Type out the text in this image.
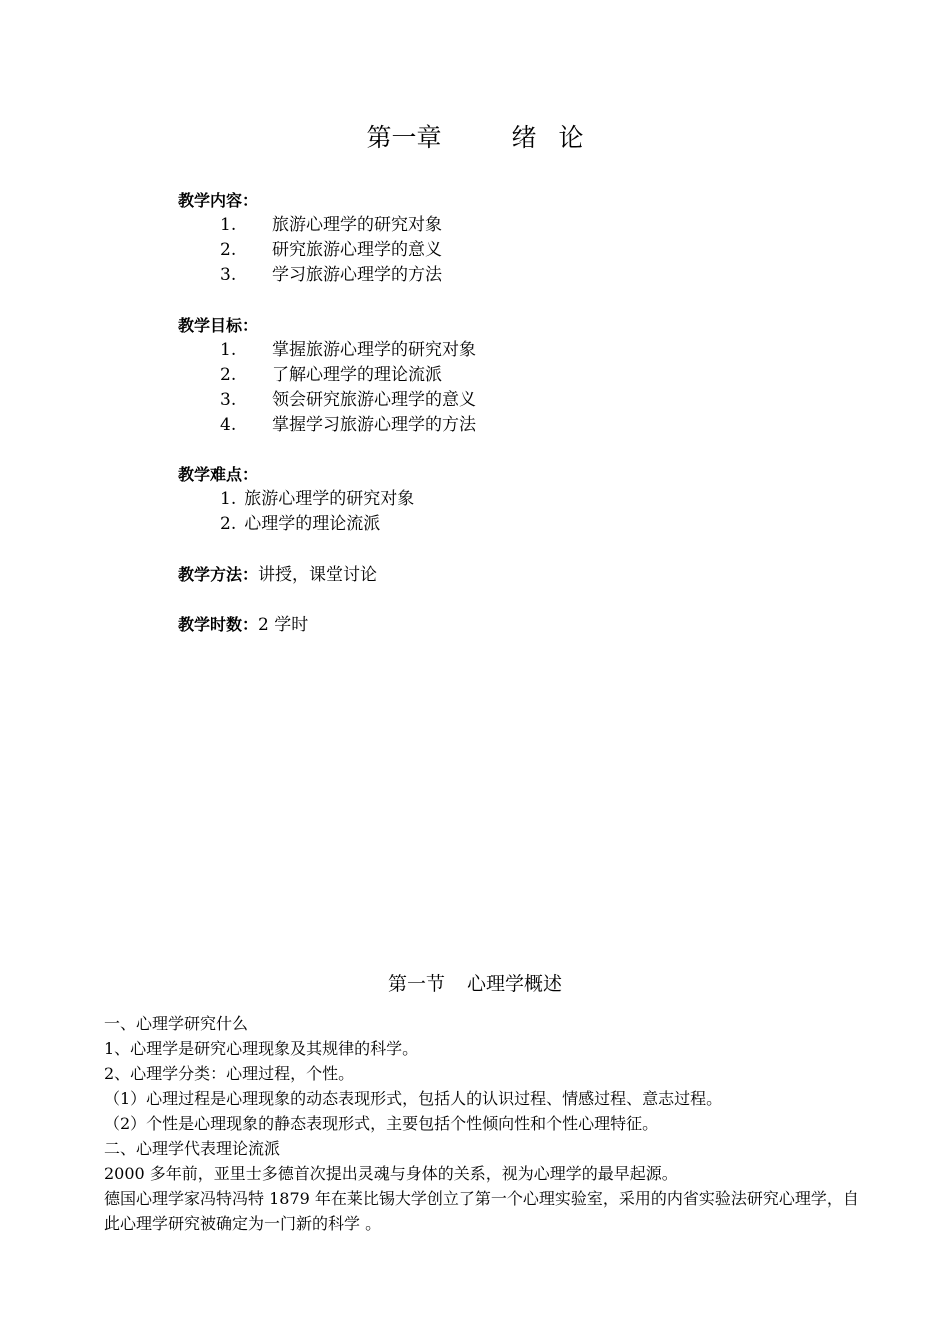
第一章	绪 论
教学内容：
1. 旅游心理学的研究对象
2. 研究旅游心理学的意义
3. 学习旅游心理学的方法
教学目标：
1. 掌握旅游心理学的研究对象
2. 了解心理学的理论流派
3. 领会研究旅游心理学的意义
4. 掌握学习旅游心理学的方法
教学难点：
1. 旅游心理学的研究对象
2. 心理学的理论流派
教学方法：讲授，课堂讨论
教学时数：2 学时
第一节 心理学概述

一、心理学研究什么

1、心理学是研究心理现象及其规律的科学。

2、心理学分类：心理过程，个性。

（1）心理过程是心理现象的动态表现形式，包括人的认识过程、情感过程、意志过程。

（2）个性是心理现象的静态表现形式，主要包括个性倾向性和个性心理特征。

二、心理学代表理论流派

2000 多年前，亚里士多德首次提出灵魂与身体的关系，视为心理学的最早起源。

德国心理学家冯特冯特 1879 年在莱比锡大学创立了第一个心理实验室，采用的内省实验法研究心理学，自此心理学研究被确定为一门新的科学 。
